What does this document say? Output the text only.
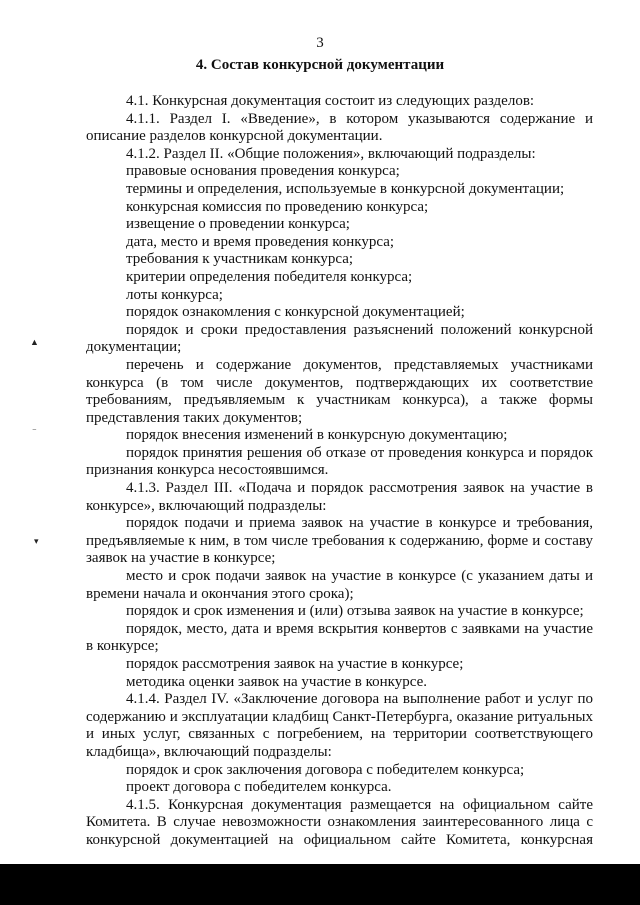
3
4. Состав конкурсной документации
▲
⁻
▾

4.1. Конкурсная документация состоит из следующих разделов:

4.1.1. Раздел I. «Введение», в котором указываются содержание и описание разделов конкурсной документации.

4.1.2. Раздел II. «Общие положения», включающий подразделы:

правовые основания проведения конкурса;

термины и определения, используемые в конкурсной документации;

конкурсная комиссия по проведению конкурса;

извещение о проведении конкурса;

дата, место и время проведения конкурса;

требования к участникам конкурса;

критерии определения победителя конкурса;

лоты конкурса;

порядок ознакомления с конкурсной документацией;

порядок и сроки предоставления разъяснений положений конкурсной документации;

перечень и содержание документов, представляемых участниками конкурса (в том числе документов, подтверждающих их соответствие требованиям, предъявляемым к участникам конкурса), а также формы представления таких документов;

порядок внесения изменений в конкурсную документацию;

порядок принятия решения об отказе от проведения конкурса и порядок признания конкурса несостоявшимся.

4.1.3. Раздел III. «Подача и порядок рассмотрения заявок на участие в конкурсе», включающий подразделы:

порядок подачи и приема заявок на участие в конкурсе и требования, предъявляемые к ним, в том числе требования к содержанию, форме и составу заявок на участие в конкурсе;

место и срок подачи заявок на участие в конкурсе (с указанием даты и времени начала и окончания этого срока);

порядок и срок изменения и (или) отзыва заявок на участие в конкурсе;

порядок, место, дата и время вскрытия конвертов с заявками на участие в конкурсе;

порядок рассмотрения заявок на участие в конкурсе;

методика оценки заявок на участие в конкурсе.

4.1.4. Раздел IV. «Заключение договора на выполнение работ и услуг по содержанию и эксплуатации кладбищ Санкт-Петербурга, оказание ритуальных и иных услуг, связанных с погребением, на территории соответствующего кладбища», включающий подразделы:

порядок и срок заключения договора с победителем конкурса;

проект договора с победителем конкурса.

4.1.5. Конкурсная документация размещается на официальном сайте Комитета. В случае невозможности ознакомления заинтересованного лица с конкурсной документацией на официальном сайте Комитета, конкурсная
